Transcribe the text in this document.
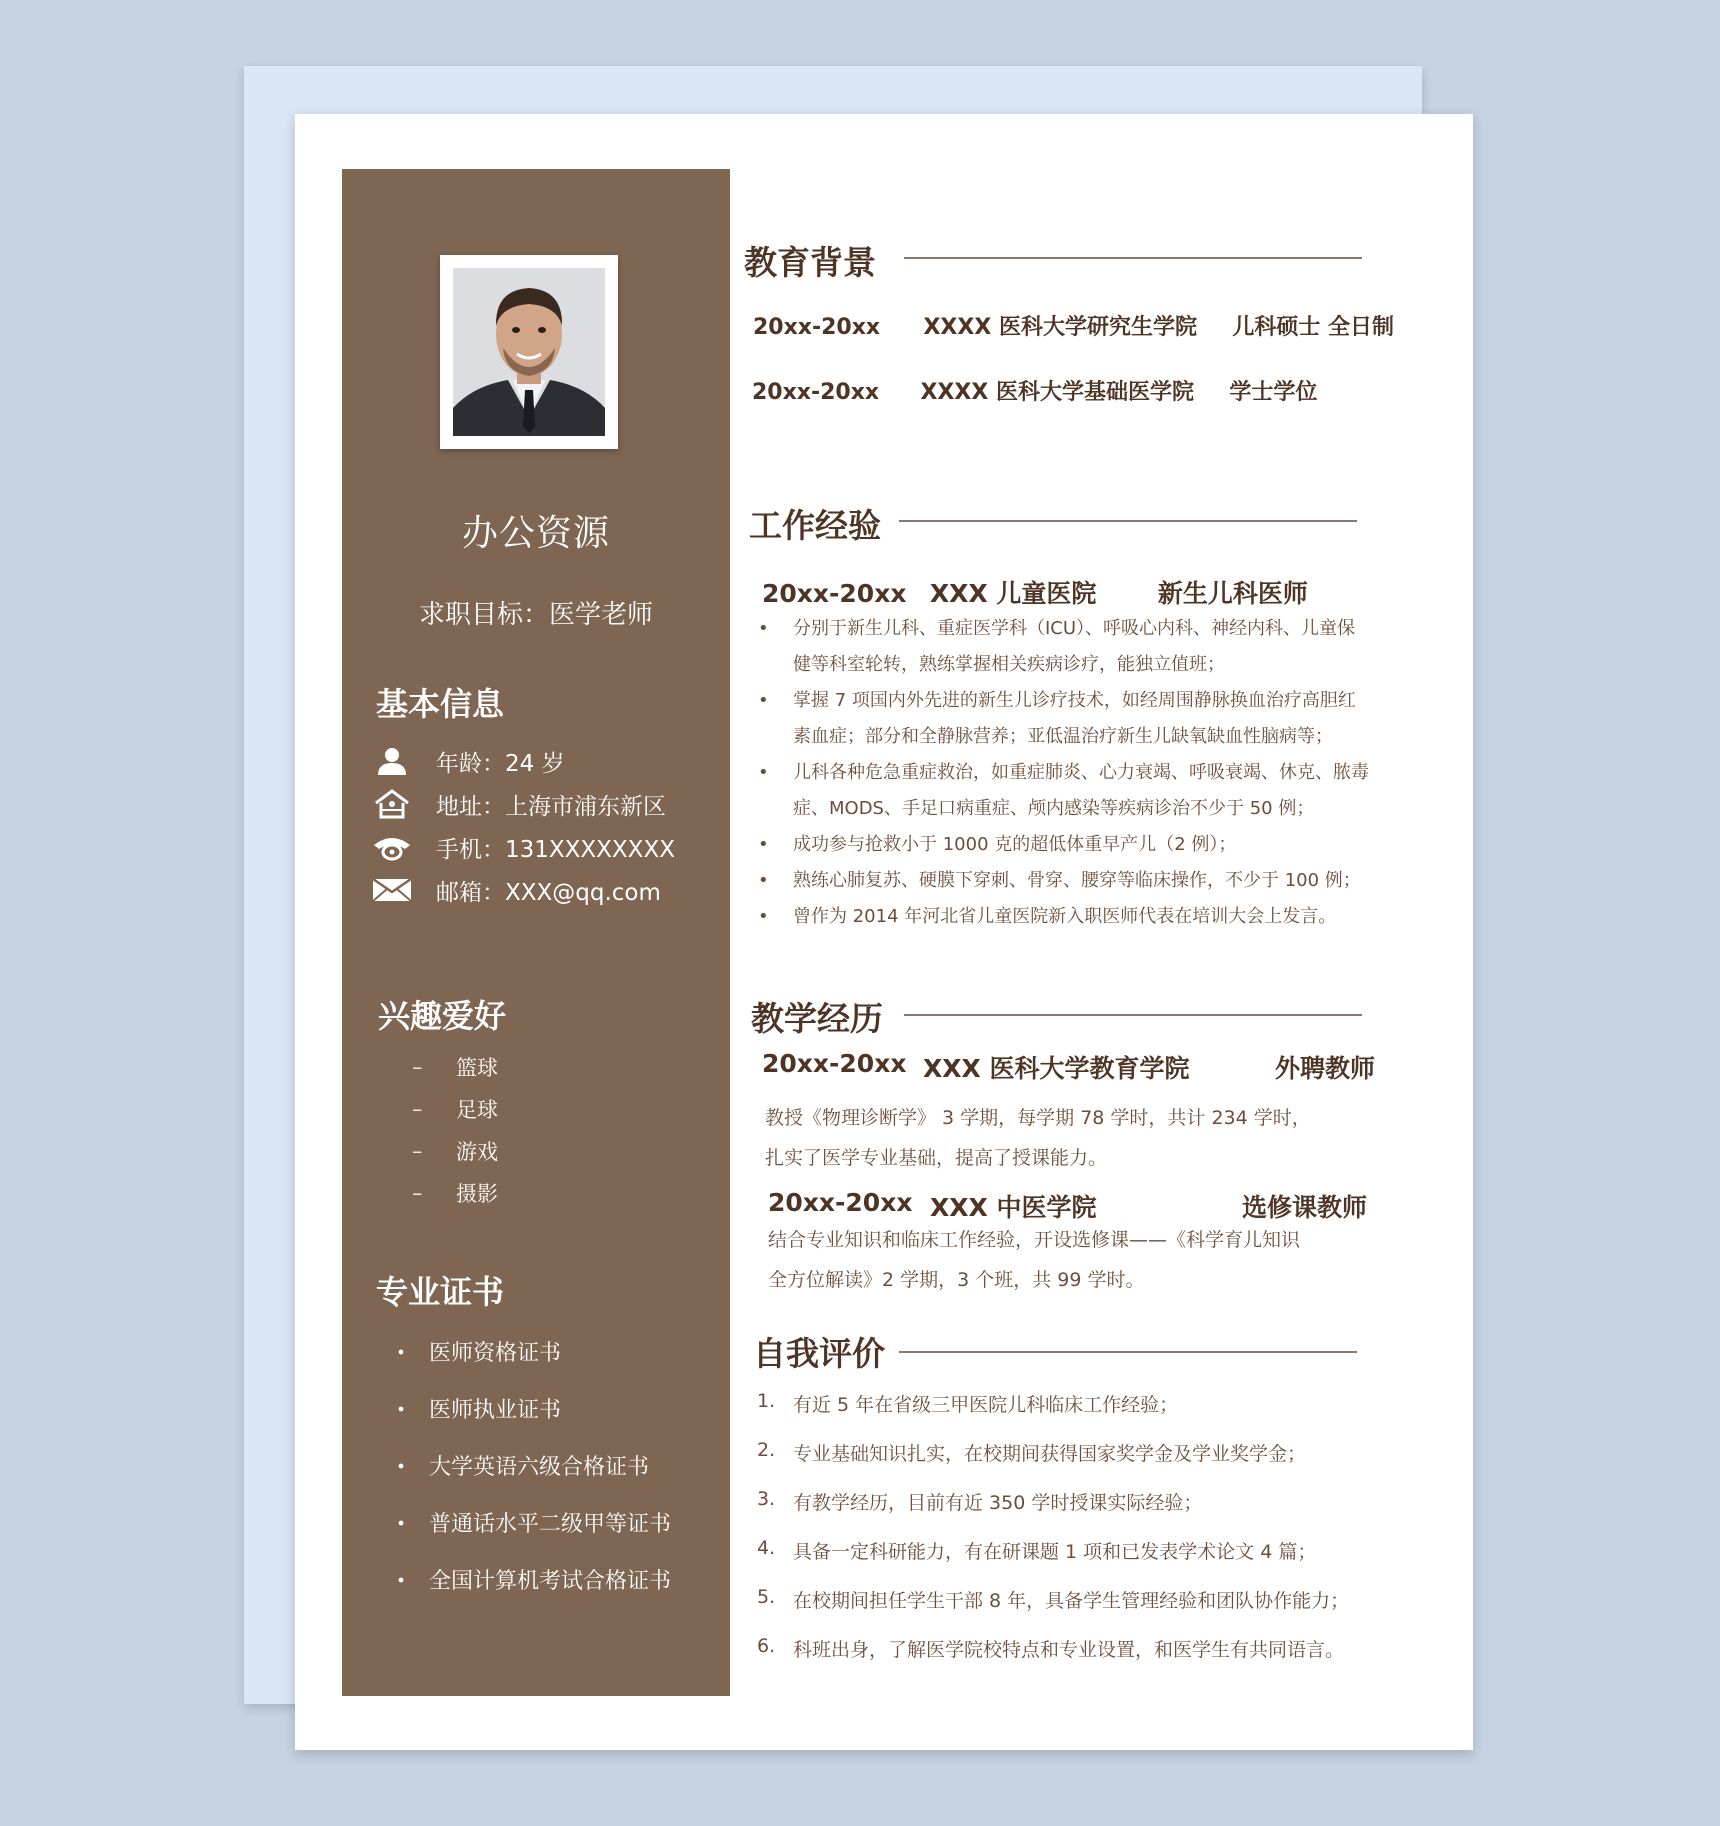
办公资源
求职目标：医学老师
基本信息
年龄：24 岁
地址：上海市浦东新区
手机：131XXXXXXXX
邮箱：XXX@qq.com
兴趣爱好
–	篮球
–	足球
–	游戏
–	摄影
专业证书
医师资格证书
医师执业证书
大学英语六级合格证书
普通话水平二级甲等证书
全国计算机考试合格证书
教育背景
20xx-20xx XXXX 医科大学研究生学院 儿科硕士 全日制
20xx-20xx XXXX 医科大学基础医学院 学士学位
工作经验
20xx-20xx XXX 儿童医院 新生儿科医师
• 分别于新生儿科、重症医学科（ICU）、呼吸心内科、神经内科、儿童保健等科室轮转，熟练掌握相关疾病诊疗，能独立值班；
• 掌握 7 项国内外先进的新生儿诊疗技术，如经周围静脉换血治疗高胆红素血症；部分和全静脉营养；亚低温治疗新生儿缺氧缺血性脑病等；
• 儿科各种危急重症救治，如重症肺炎、心力衰竭、呼吸衰竭、休克、脓毒症、MODS、手足口病重症、颅内感染等疾病诊治不少于 50 例；
• 成功参与抢救小于 1000 克的超低体重早产儿（2 例）；
• 熟练心肺复苏、硬膜下穿刺、骨穿、腰穿等临床操作，不少于 100 例；
• 曾作为 2014 年河北省儿童医院新入职医师代表在培训大会上发言。
教学经历
20xx-20xx XXX 医科大学教育学院	外聘教师
教授《物理诊断学》 3 学期，每学期 78 学时，共计 234 学时，
扎实了医学专业基础，提高了授课能力。
20xx-20xx XXX 中医学院	选修课教师
结合专业知识和临床工作经验，开设选修课——《科学育儿知识
全方位解读》2 学期，3 个班，共 99 学时。
自我评价
1. 有近 5 年在省级三甲医院儿科临床工作经验；
2. 专业基础知识扎实，在校期间获得国家奖学金及学业奖学金；
3. 有教学经历，目前有近 350 学时授课实际经验；
4. 具备一定科研能力，有在研课题 1 项和已发表学术论文 4 篇；
5. 在校期间担任学生干部 8 年，具备学生管理经验和团队协作能力；
6. 科班出身，了解医学院校特点和专业设置，和医学生有共同语言。
